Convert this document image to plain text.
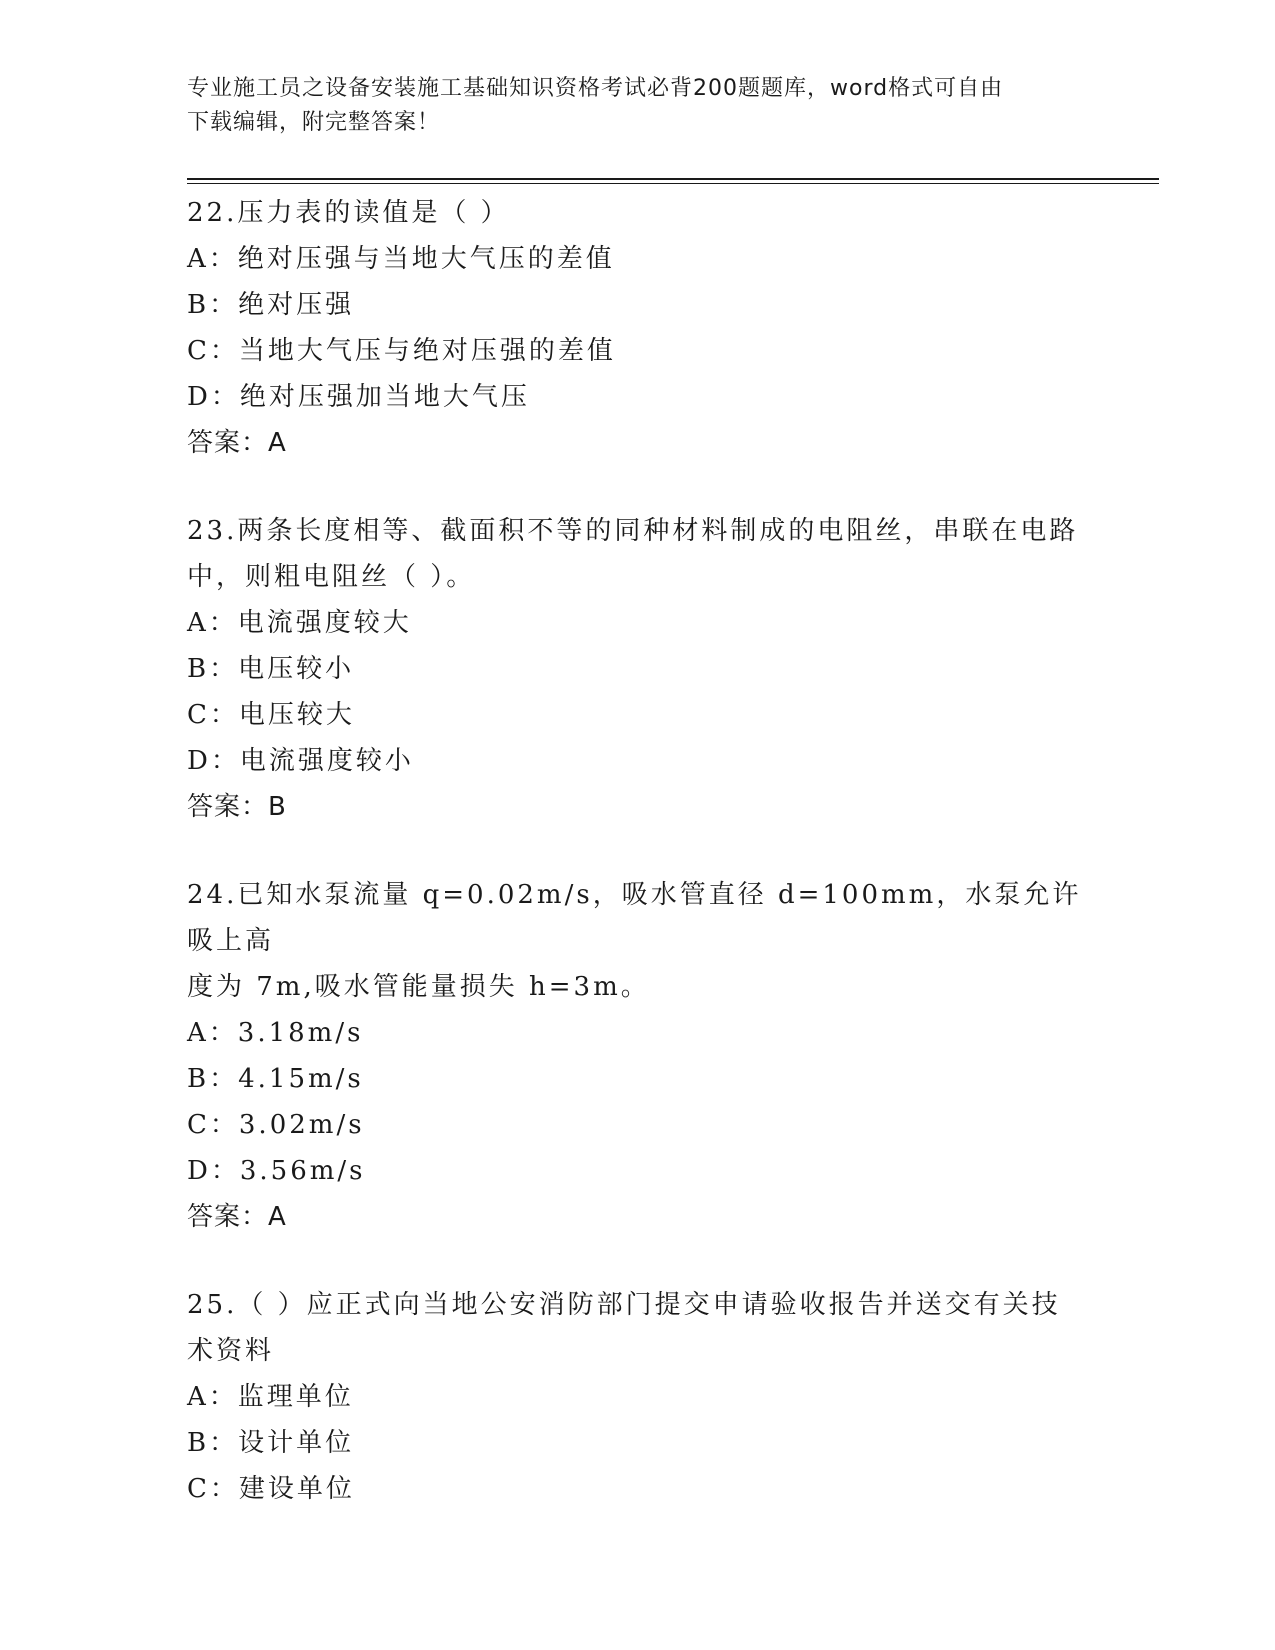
专业施工员之设备安装施工基础知识资格考试必背200题题库，word格式可自由
下载编辑，附完整答案！
22.压力表的读值是（ ）
A：绝对压强与当地大气压的差值
B：绝对压强
C：当地大气压与绝对压强的差值
D：绝对压强加当地大气压
答案：A
23.两条长度相等、截面积不等的同种材料制成的电阻丝，串联在电路
中，则粗电阻丝（ ）。
A：电流强度较大
B：电压较小
C：电压较大
D：电流强度较小
答案：B
24.已知水泵流量 q=0.02m/s，吸水管直径 d=100mm，水泵允许吸上高
度为 7m,吸水管能量损失 h=3m。
A：3.18m/s
B：4.15m/s
C：3.02m/s
D：3.56m/s
答案：A
25.（ ）应正式向当地公安消防部门提交申请验收报告并送交有关技
术资料
A：监理单位
B：设计单位
C：建设单位
